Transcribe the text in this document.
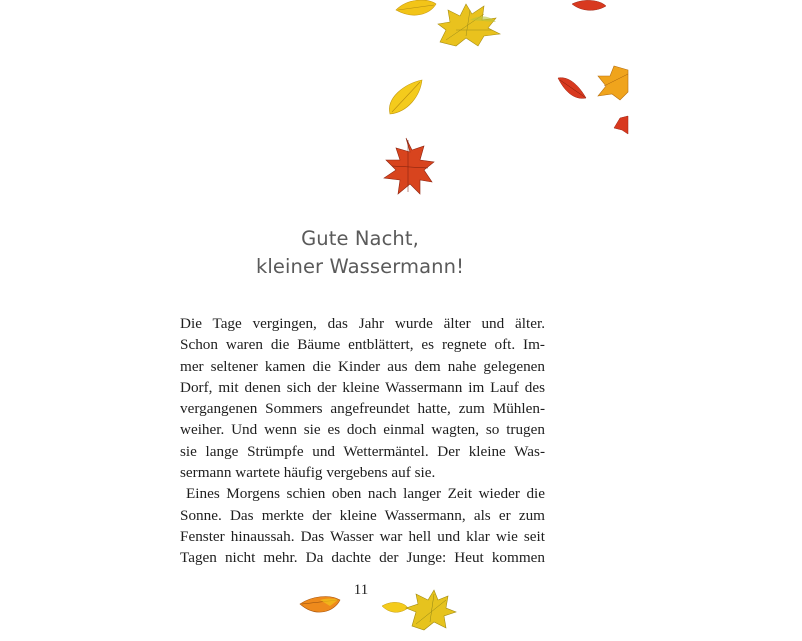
Gute Nacht,
kleiner Wassermann!
Die Tage vergingen, das Jahr wurde älter und älter.
Schon waren die Bäume entblättert, es regnete oft. Im-
mer seltener kamen die Kinder aus dem nahe gelegenen
Dorf, mit denen sich der kleine Wassermann im Lauf des
vergangenen Sommers angefreundet hatte, zum Mühlen-
weiher. Und wenn sie es doch einmal wagten, so trugen
sie lange Strümpfe und Wettermäntel. Der kleine Was-
sermann wartete häufig vergebens auf sie.
Eines Morgens schien oben nach langer Zeit wieder die
Sonne. Das merkte der kleine Wassermann, als er zum
Fenster hinaussah. Das Wasser war hell und klar wie seit
Tagen nicht mehr. Da dachte der Junge: Heut kommen
11
